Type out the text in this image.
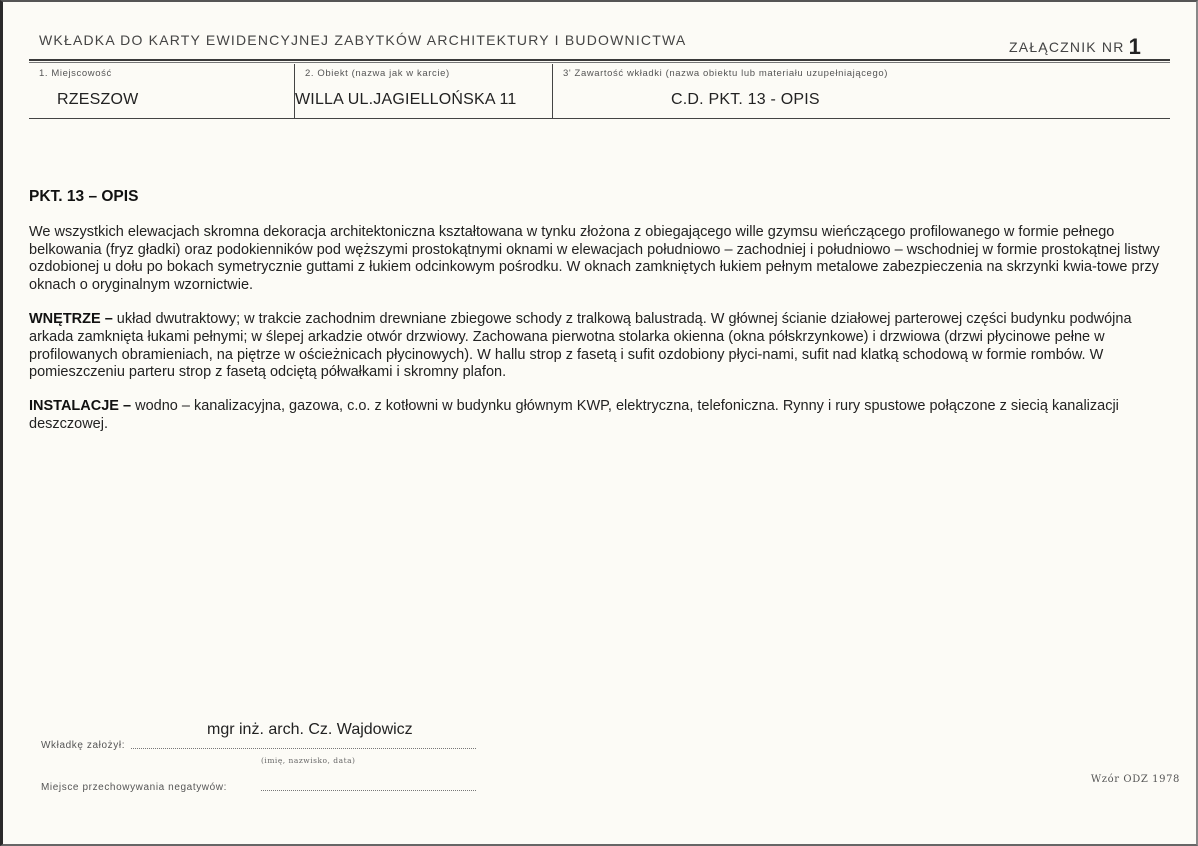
WKŁADKA DO KARTY EWIDENCYJNEJ ZABYTKÓW ARCHITEKTURY I BUDOWNICTWA	ZAŁĄCZNIK NR 1
1. Miejscowość	2. Obiekt (nazwa jak w karcie)	3' Zawartość wkładki (nazwa obiektu lub materiału uzupełniającego)
RZESZOW	WILLA UL.JAGIELLOŃSKA 11	C.D. PKT. 13 - OPIS
PKT. 13 – OPIS

We wszystkich elewacjach skromna dekoracja architektoniczna kształtowana w tynku złożona z obiegającego wille gzymsu wieńczącego profilowanego w formie pełnego belkowania (fryz gładki) oraz podokienników pod węższymi prostokątnymi oknami w elewacjach południowo – zachodniej i południowo – wschodniej w formie prostokątnej listwy ozdobionej u dołu po bokach symetrycznie guttami z łukiem odcinkowym pośrodku. W oknach zamkniętych łukiem pełnym metalowe zabezpieczenia na skrzynki kwia-towe przy oknach o oryginalnym wzornictwie.

WNĘTRZE – układ dwutraktowy; w trakcie zachodnim drewniane zbiegowe schody z tralkową balustradą. W głównej ścianie działowej parterowej części budynku podwójna arkada zamknięta łukami pełnymi; w ślepej arkadzie otwór drzwiowy. Zachowana pierwotna stolarka okienna (okna półskrzynkowe) i drzwiowa (drzwi płycinowe pełne w profilowanych obramieniach, na piętrze w ościeżnicach płycinowych). W hallu strop z fasetą i sufit ozdobiony płyci-nami, sufit nad klatką schodową w formie rombów. W pomieszczeniu parteru strop z fasetą odciętą półwałkami i skromny plafon.

INSTALACJE – wodno – kanalizacyjna, gazowa, c.o. z kotłowni w budynku głównym KWP, elektryczna, telefoniczna. Rynny i rury spustowe połączone z siecią kanalizacji deszczowej.

mgr inż. arch. Cz. Wajdowicz
Wkładkę założył:
(imię, nazwisko, data)
Miejsce przechowywania negatywów:
Wzór ODZ 1978
